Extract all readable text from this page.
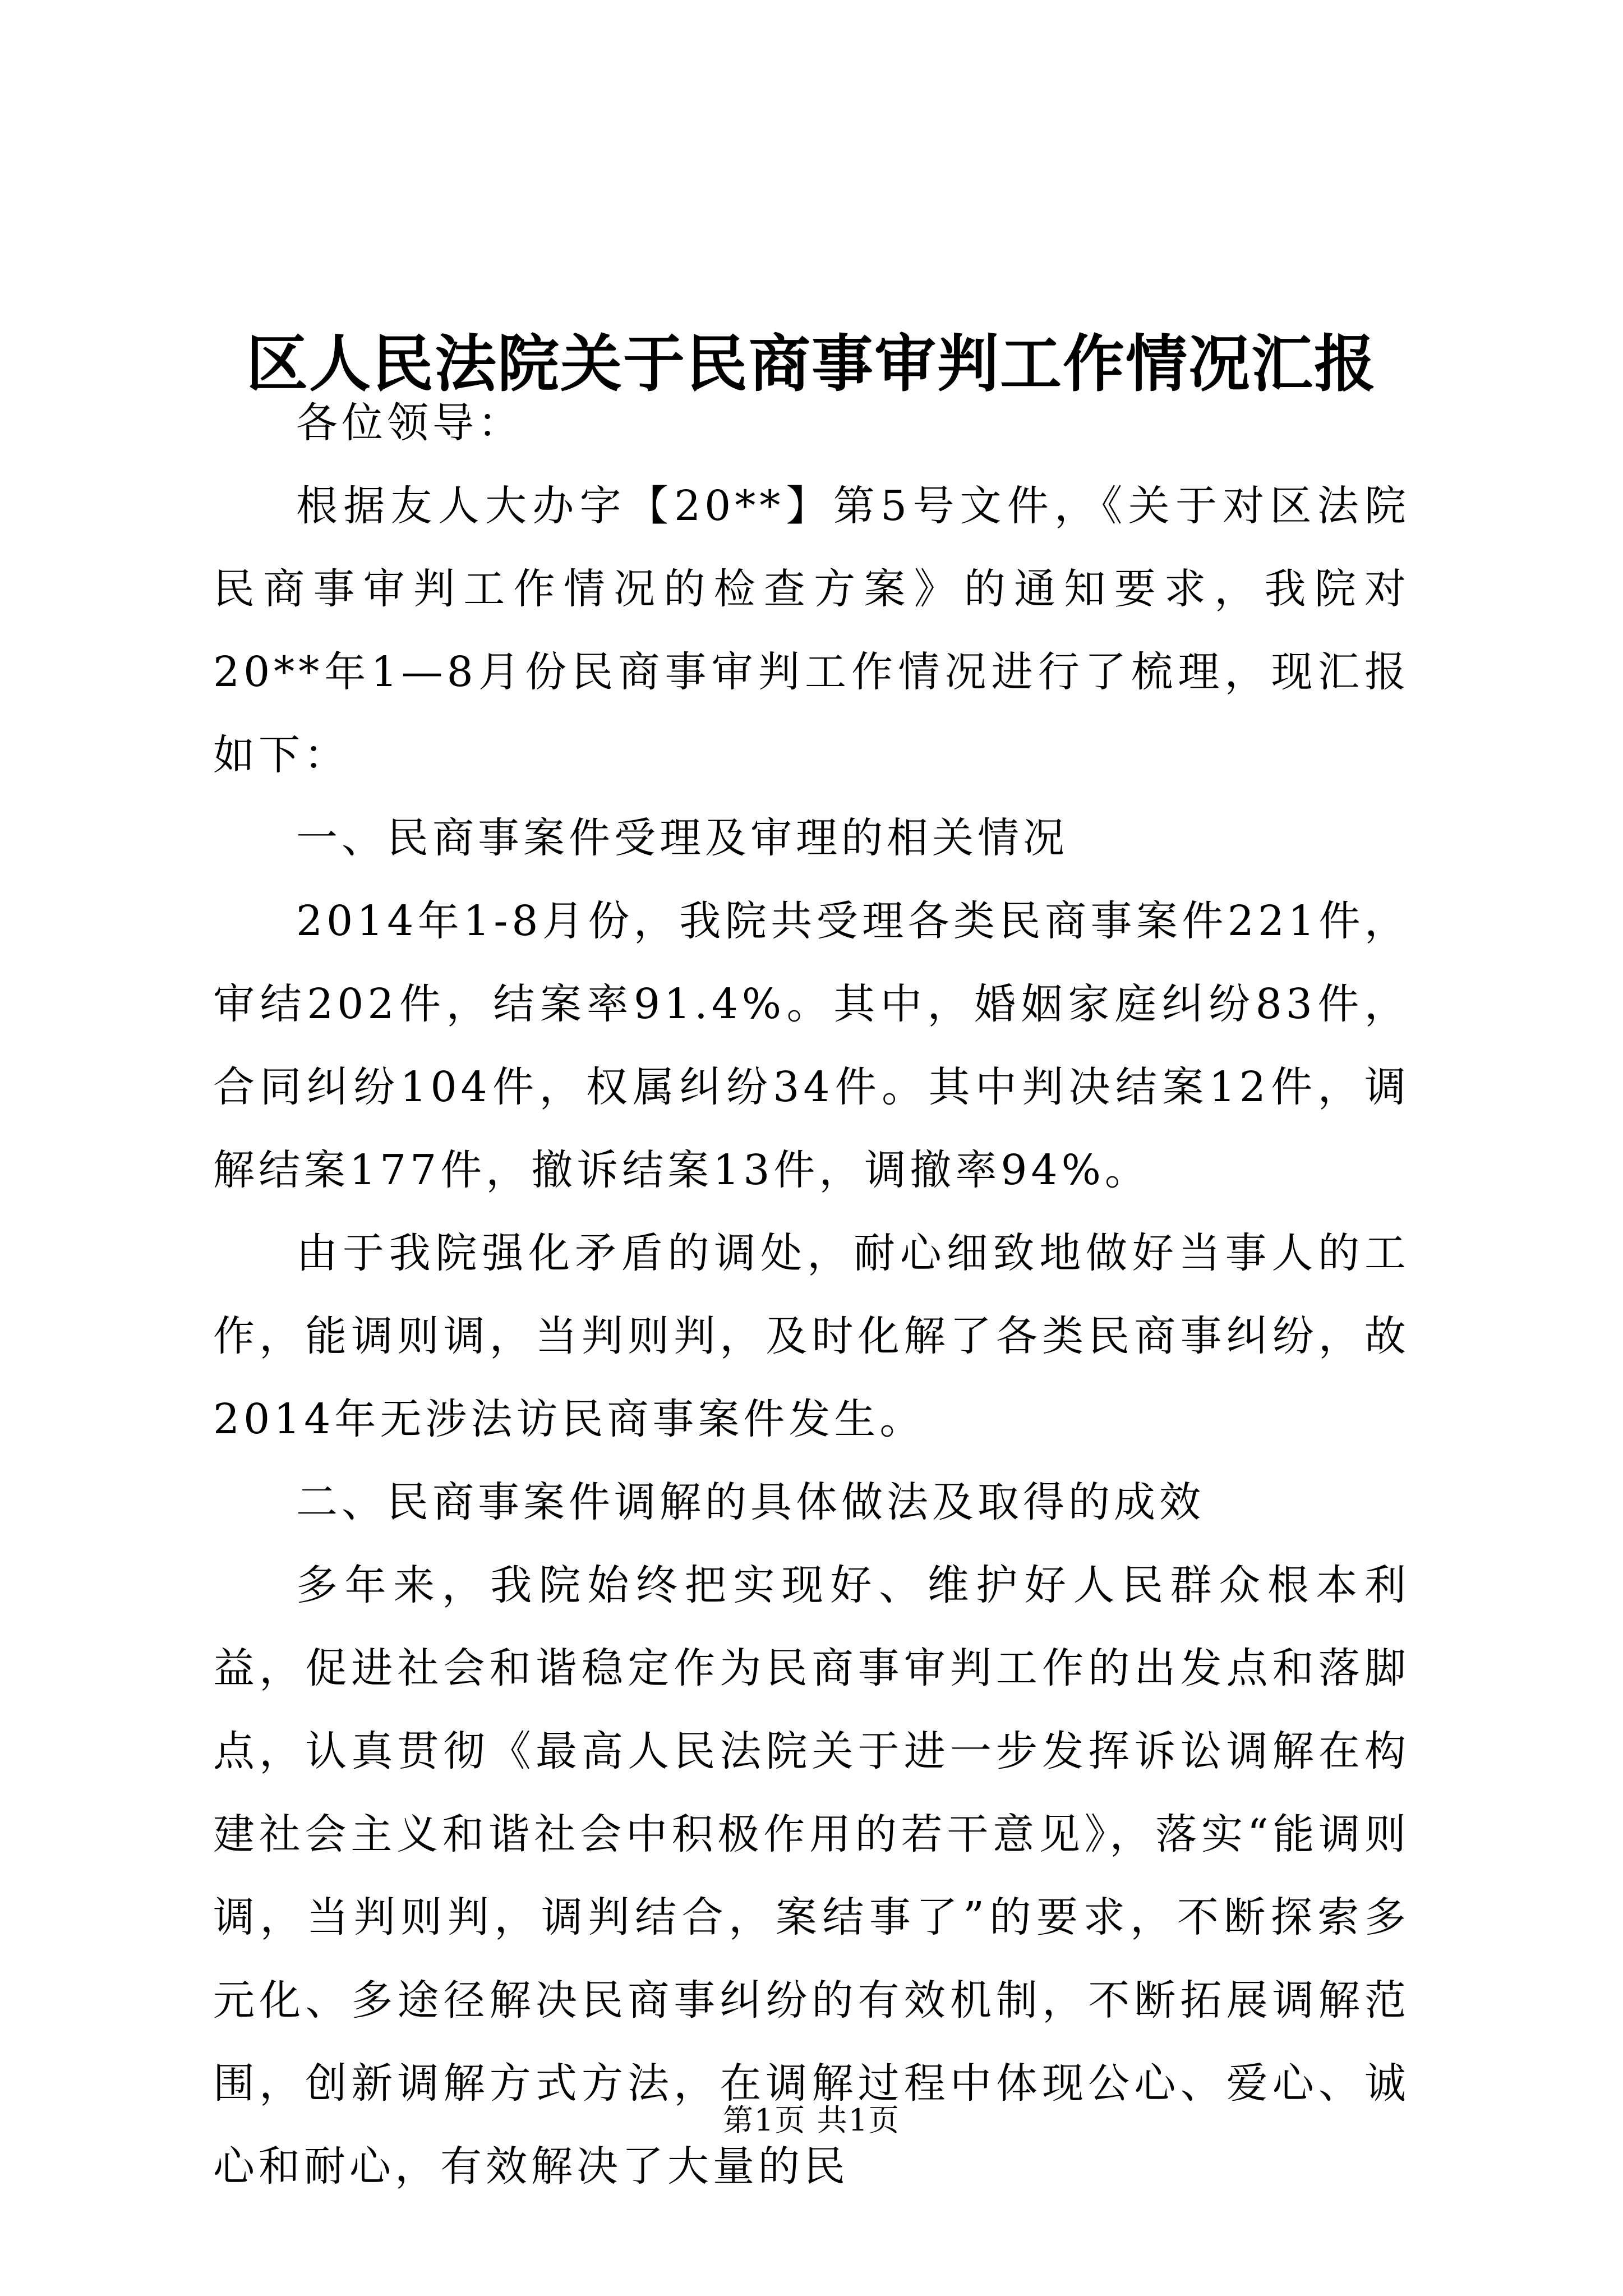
区人民法院关于民商事审判工作情况汇报

各位领导：

根据友人大办字【20**】第5号文件，《关于对区法院民商事审判工作情况的检查方案》的通知要求，我院对20**年1—8月份民商事审判工作情况进行了梳理，现汇报如下：

一、民商事案件受理及审理的相关情况

2014年1-8月份，我院共受理各类民商事案件221件，审结202件，结案率91.4%。其中，婚姻家庭纠纷83件，合同纠纷104件，权属纠纷34件。其中判决结案12件，调解结案177件，撤诉结案13件，调撤率94%。

由于我院强化矛盾的调处，耐心细致地做好当事人的工作，能调则调，当判则判，及时化解了各类民商事纠纷，故2014年无涉法访民商事案件发生。

二、民商事案件调解的具体做法及取得的成效

多年来，我院始终把实现好、维护好人民群众根本利益，促进社会和谐稳定作为民商事审判工作的出发点和落脚点，认真贯彻《最高人民法院关于进一步发挥诉讼调解在构建社会主义和谐社会中积极作用的若干意见》，落实“能调则调，当判则判，调判结合，案结事了”的要求，不断探索多元化、多途径解决民商事纠纷的有效机制，不断拓展调解范围，创新调解方式方法，在调解过程中体现公心、爱心、诚心和耐心，有效解决了大量的民

第1页 共1页
